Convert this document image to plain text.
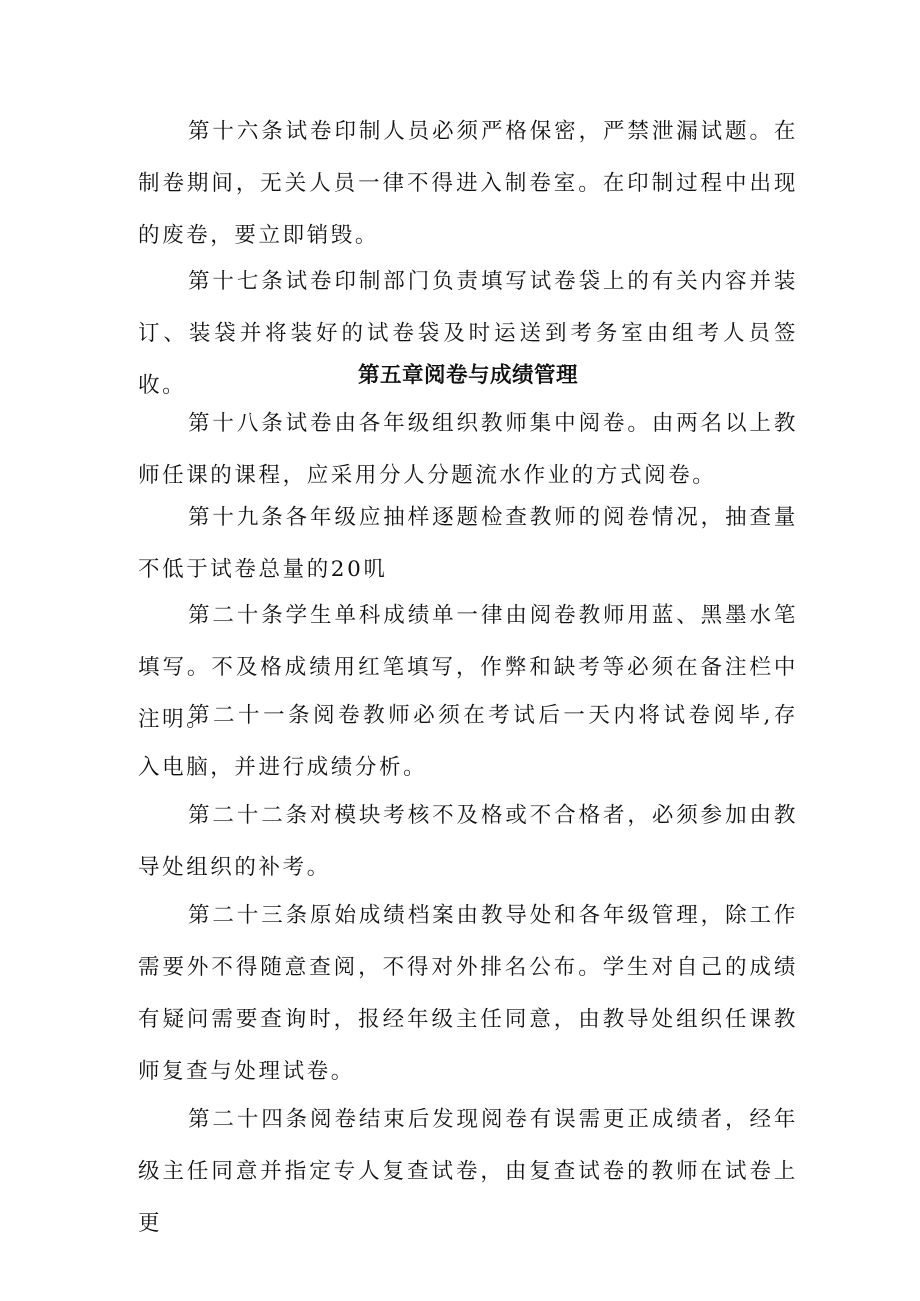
第十六条试卷印制人员必须严格保密，严禁泄漏试题。在制卷期间，无关人员一律不得进入制卷室。在印制过程中出现的废卷，要立即销毁。

第十七条试卷印制部门负责填写试卷袋上的有关内容并装订、装袋并将装好的试卷袋及时运送到考务室由组考人员签收。	第五章阅卷与成绩管理

第十八条试卷由各年级组织教师集中阅卷。由两名以上教师任课的课程，应采用分人分题流水作业的方式阅卷。

第十九条各年级应抽样逐题检查教师的阅卷情况，抽查量不低于试卷总量的20叽

第二十条学生单科成绩单一律由阅卷教师用蓝、黑墨水笔填写。不及格成绩用红笔填写，作弊和缺考等必须在备注栏中注明。

第二十一条阅卷教师必须在考试后一天内将试卷阅毕,存入电脑，并进行成绩分析。

第二十二条对模块考核不及格或不合格者，必须参加由教导处组织的补考。

第二十三条原始成绩档案由教导处和各年级管理，除工作需要外不得随意查阅，不得对外排名公布。学生对自己的成绩有疑问需要查询时，报经年级主任同意，由教导处组织任课教师复查与处理试卷。

第二十四条阅卷结束后发现阅卷有误需更正成绩者，经年级主任同意并指定专人复查试卷，由复查试卷的教师在试卷上更
